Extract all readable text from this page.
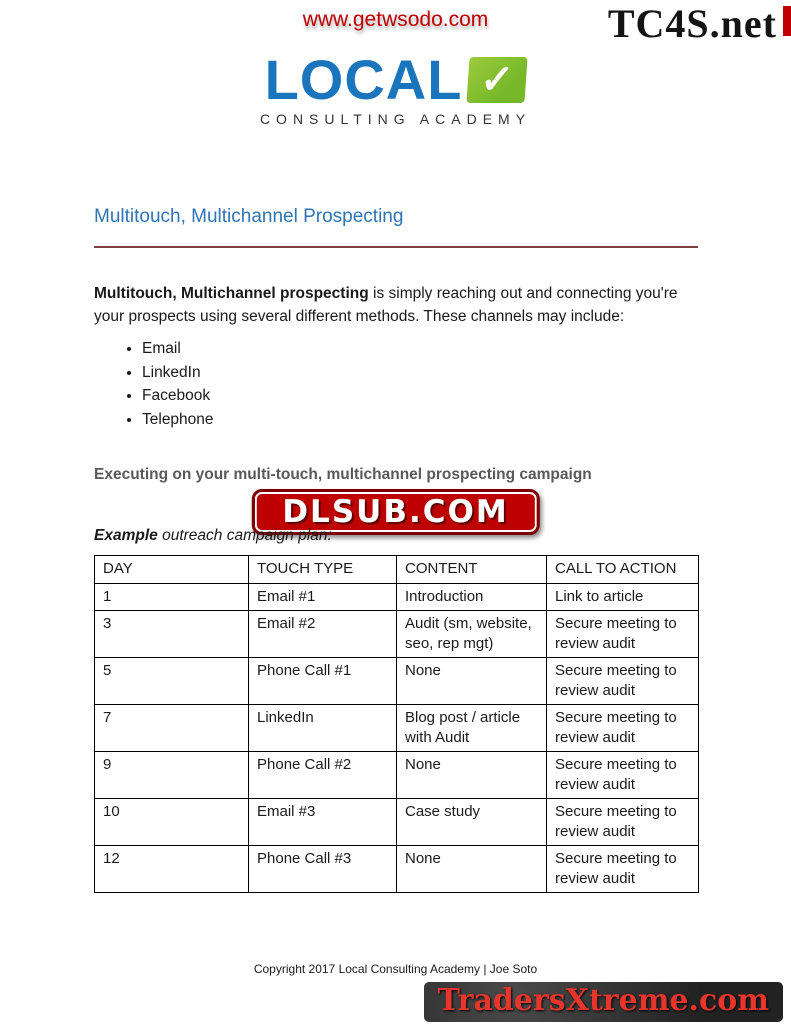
www.getwsodo.com	TC4S.net
LOCAL ✓
CONSULTING ACADEMY
Multitouch, Multichannel Prospecting

Multitouch, Multichannel prospecting is simply reaching out and connecting you're your prospects using several different methods. These channels may include:

• Email
• LinkedIn
• Facebook
• Telephone
Executing on your multi-touch, multichannel prospecting campaign
DLSUB.COM
Example outreach campaign plan:
DAY	TOUCH TYPE	CONTENT	CALL TO ACTION
1	Email #1	Introduction	Link to article
3	Email #2	Audit (sm, website, seo, rep mgt)	Secure meeting to review audit
5	Phone Call #1	None	Secure meeting to review audit
7	LinkedIn	Blog post / article with Audit	Secure meeting to review audit
9	Phone Call #2	None	Secure meeting to review audit
10	Email #3	Case study	Secure meeting to review audit
12	Phone Call #3	None	Secure meeting to review audit
Copyright 2017 Local Consulting Academy | Joe Soto
TradersXtreme.com
